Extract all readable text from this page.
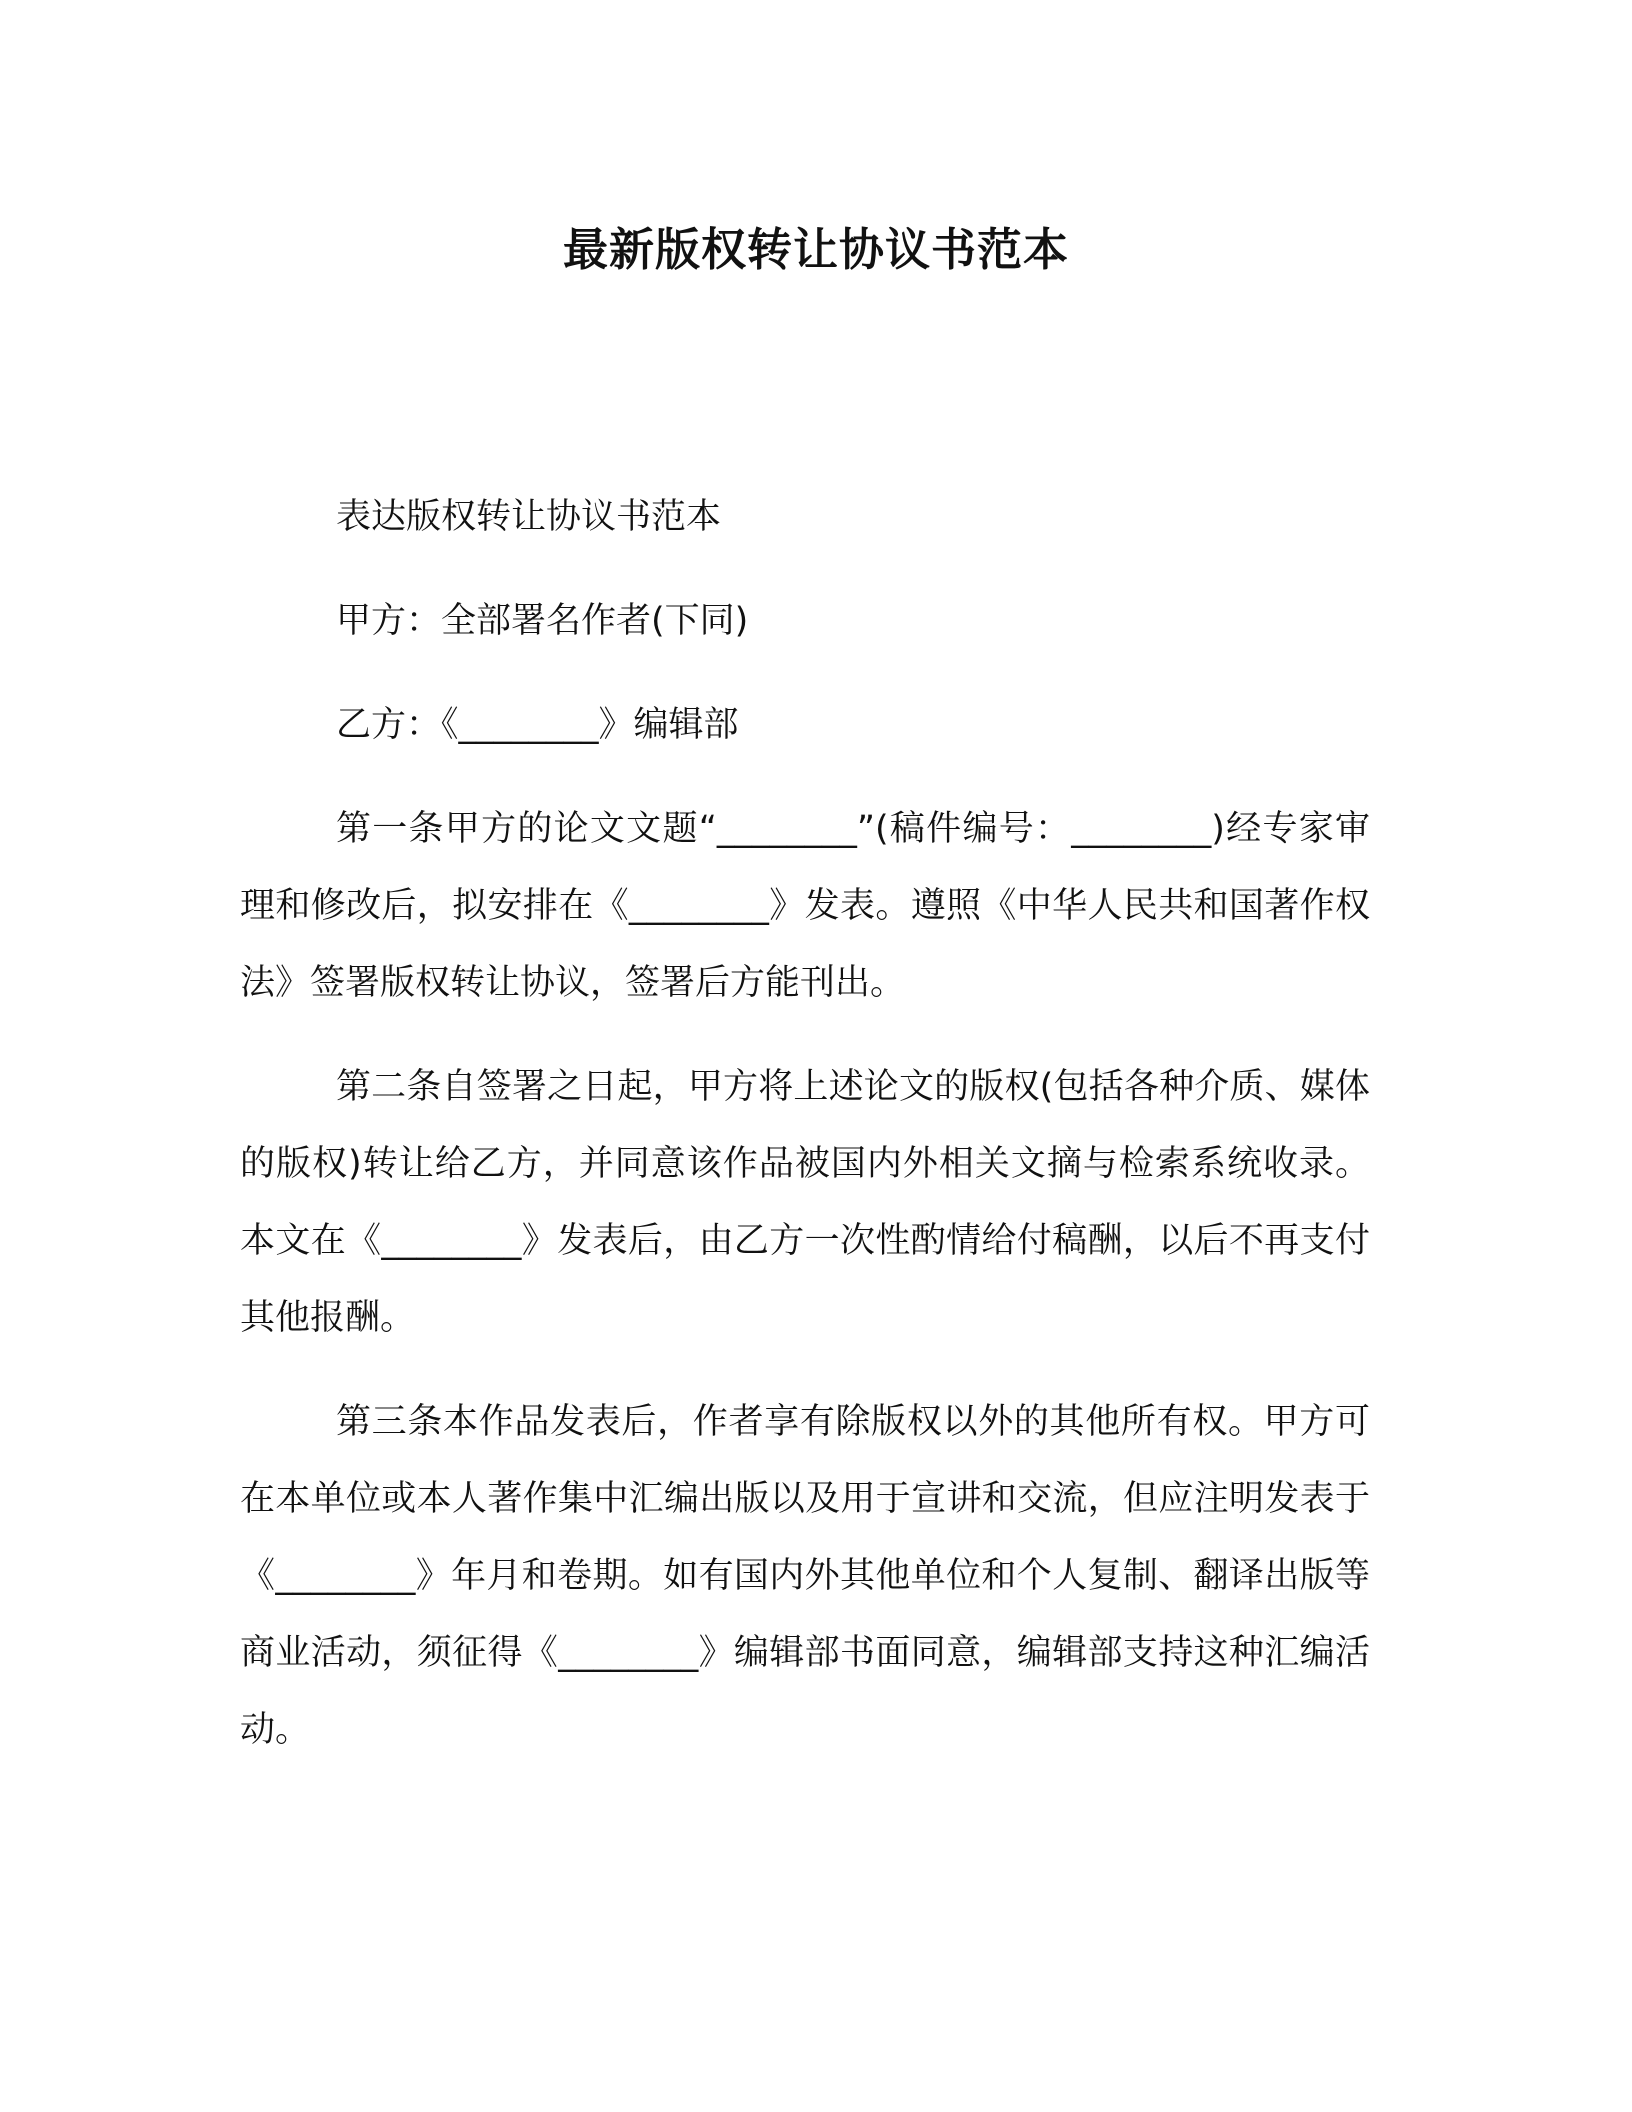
最新版权转让协议书范本

表达版权转让协议书范本

甲方：全部署名作者(下同)

乙方：《________》编辑部

第一条甲方的论文文题“________”(稿件编号：________)经专家审理和修改后，拟安排在《________》发表。遵照《中华人民共和国著作权法》签署版权转让协议，签署后方能刊出。

第二条自签署之日起，甲方将上述论文的版权(包括各种介质、媒体的版权)转让给乙方，并同意该作品被国内外相关文摘与检索系统收录。本文在《________》发表后，由乙方一次性酌情给付稿酬，以后不再支付其他报酬。

第三条本作品发表后，作者享有除版权以外的其他所有权。甲方可在本单位或本人著作集中汇编出版以及用于宣讲和交流，但应注明发表于《________》年月和卷期。如有国内外其他单位和个人复制、翻译出版等商业活动，须征得《________》编辑部书面同意，编辑部支持这种汇编活动。
